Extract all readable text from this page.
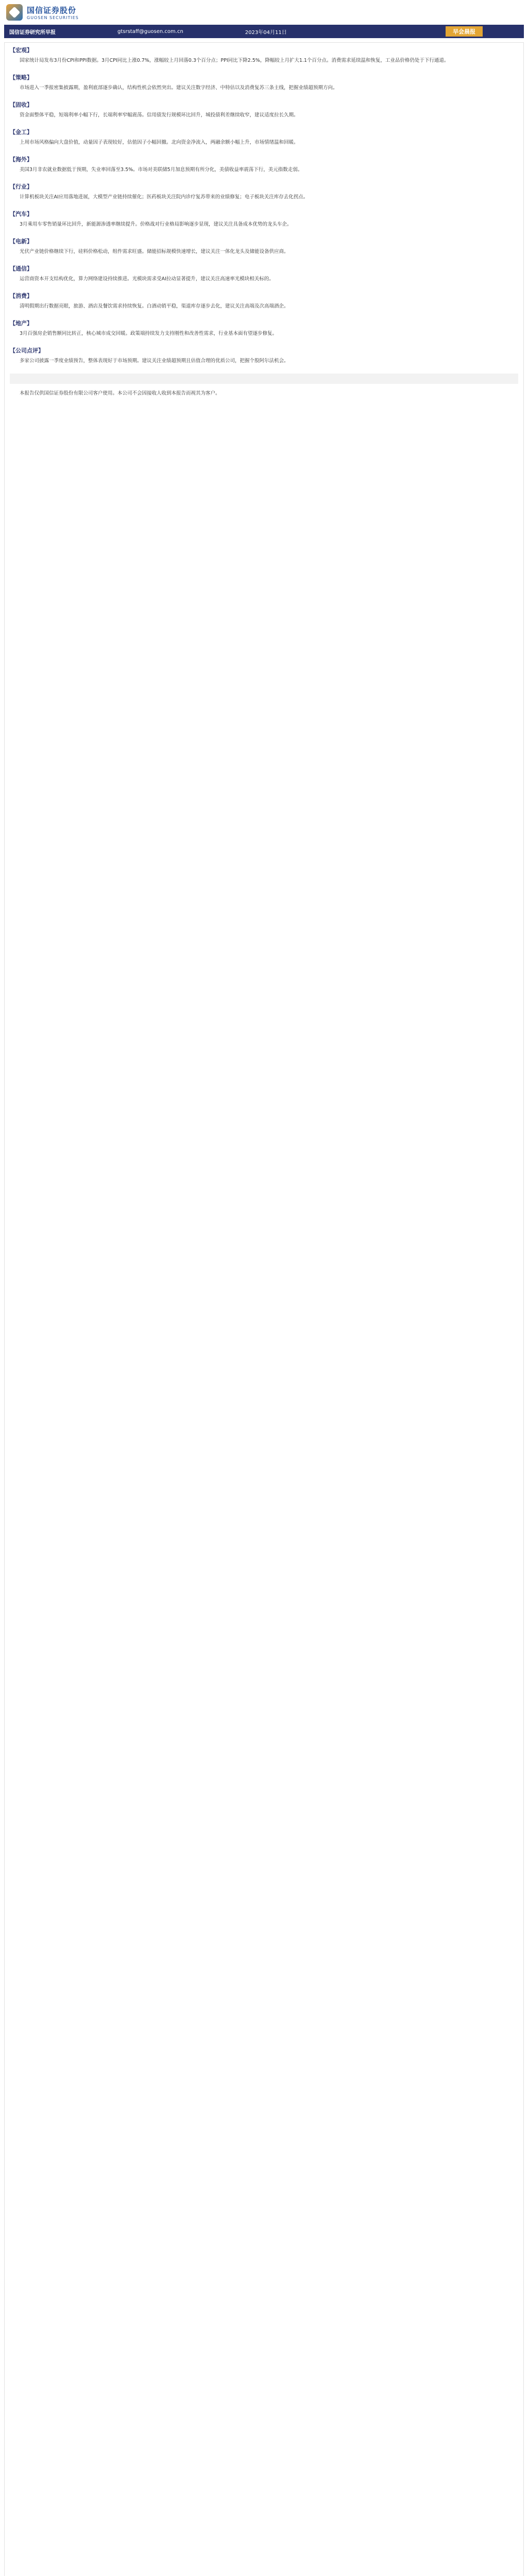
国信证券股份
GUOSEN SECURITIES
国信证券研究所早报	gtsrstaff@guosen.com.cn	2023年04月11日	早会晨报
【宏观】
国家统计局发布3月份CPI和PPI数据。3月CPI同比上涨0.7%，涨幅较上月回落0.3个百分点；PPI同比下降2.5%，降幅较上月扩大1.1个百分点。消费需求延续温和恢复，工业品价格仍处于下行通道。
【策略】
市场进入一季报密集披露期，盈利底部逐步确认，结构性机会依然突出。建议关注数字经济、中特估以及消费复苏三条主线，把握业绩超预期方向。
【固收】
资金面整体平稳，短端利率小幅下行，长端利率窄幅震荡。信用债发行规模环比回升，城投债利差继续收窄，建议适度拉长久期。
【金工】
上周市场风格偏向大盘价值，动量因子表现较好，估值因子小幅回撤。北向资金净流入，两融余额小幅上升，市场情绪温和回暖。
【海外】
美国3月非农就业数据低于预期，失业率回落至3.5%。市场对美联储5月加息预期有所分化，美债收益率震荡下行，美元指数走弱。
【行业】
计算机板块关注AI应用落地进展，大模型产业链持续催化；医药板块关注院内诊疗复苏带来的业绩修复；电子板块关注库存去化拐点。
【汽车】
3月乘用车零售销量环比回升，新能源渗透率继续提升。价格战对行业格局影响逐步显现，建议关注具备成本优势的龙头车企。
【电新】
光伏产业链价格继续下行，硅料价格松动，组件需求旺盛。储能招标规模快速增长，建议关注一体化龙头及储能设备供应商。
【通信】
运营商资本开支结构优化，算力网络建设持续推进。光模块需求受AI拉动显著提升，建议关注高速率光模块相关标的。
【消费】
清明假期出行数据亮眼，旅游、酒店及餐饮需求持续恢复。白酒动销平稳，渠道库存逐步去化，建议关注高端及次高端酒企。
【地产】
3月百强房企销售额同比转正，核心城市成交回暖。政策端持续发力支持刚性和改善性需求，行业基本面有望逐步修复。
【公司点评】
多家公司披露一季度业绩预告，整体表现好于市场预期。建议关注业绩超预期且估值合理的优质公司，把握个股阿尔法机会。
本报告仅供国信证券股份有限公司客户使用。本公司不会因接收人收到本报告而视其为客户。
